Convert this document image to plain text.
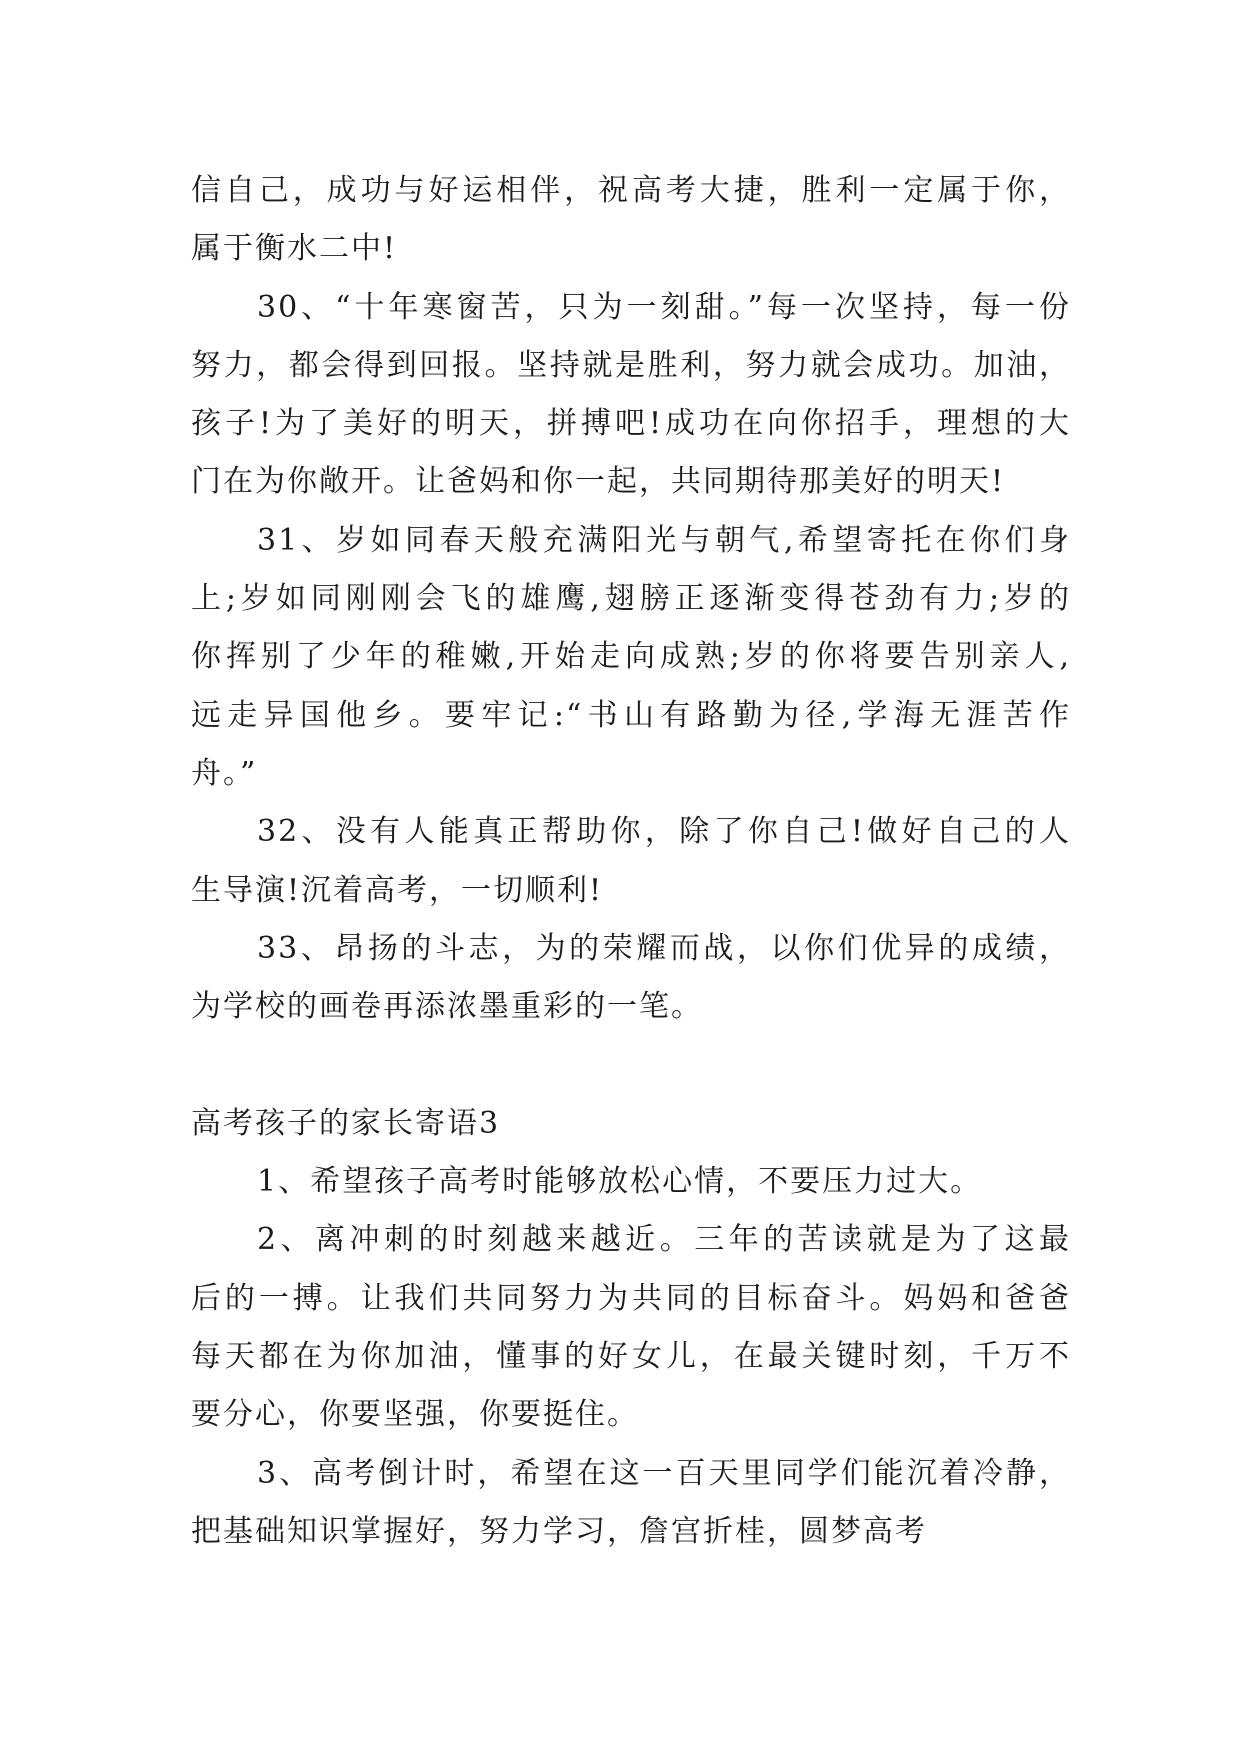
信自己，成功与好运相伴，祝高考大捷，胜利一定属于你，
属于衡水二中!
30、“十年寒窗苦，只为一刻甜。”每一次坚持，每一份
努力，都会得到回报。坚持就是胜利，努力就会成功。加油，
孩子!为了美好的明天，拼搏吧!成功在向你招手，理想的大
门在为你敞开。让爸妈和你一起，共同期待那美好的明天!
31、岁如同春天般充满阳光与朝气,希望寄托在你们身
上;岁如同刚刚会飞的雄鹰,翅膀正逐渐变得苍劲有力;岁的
你挥别了少年的稚嫩,开始走向成熟;岁的你将要告别亲人,
远走异国他乡。要牢记:“书山有路勤为径,学海无涯苦作
舟。”
32、没有人能真正帮助你，除了你自己!做好自己的人
生导演!沉着高考，一切顺利!
33、昂扬的斗志，为的荣耀而战，以你们优异的成绩，
为学校的画卷再添浓墨重彩的一笔。
高考孩子的家长寄语3
1、希望孩子高考时能够放松心情，不要压力过大。
2、离冲刺的时刻越来越近。三年的苦读就是为了这最
后的一搏。让我们共同努力为共同的目标奋斗。妈妈和爸爸
每天都在为你加油，懂事的好女儿，在最关键时刻，千万不
要分心，你要坚强，你要挺住。
3、高考倒计时，希望在这一百天里同学们能沉着冷静，
把基础知识掌握好，努力学习，詹宫折桂，圆梦高考
